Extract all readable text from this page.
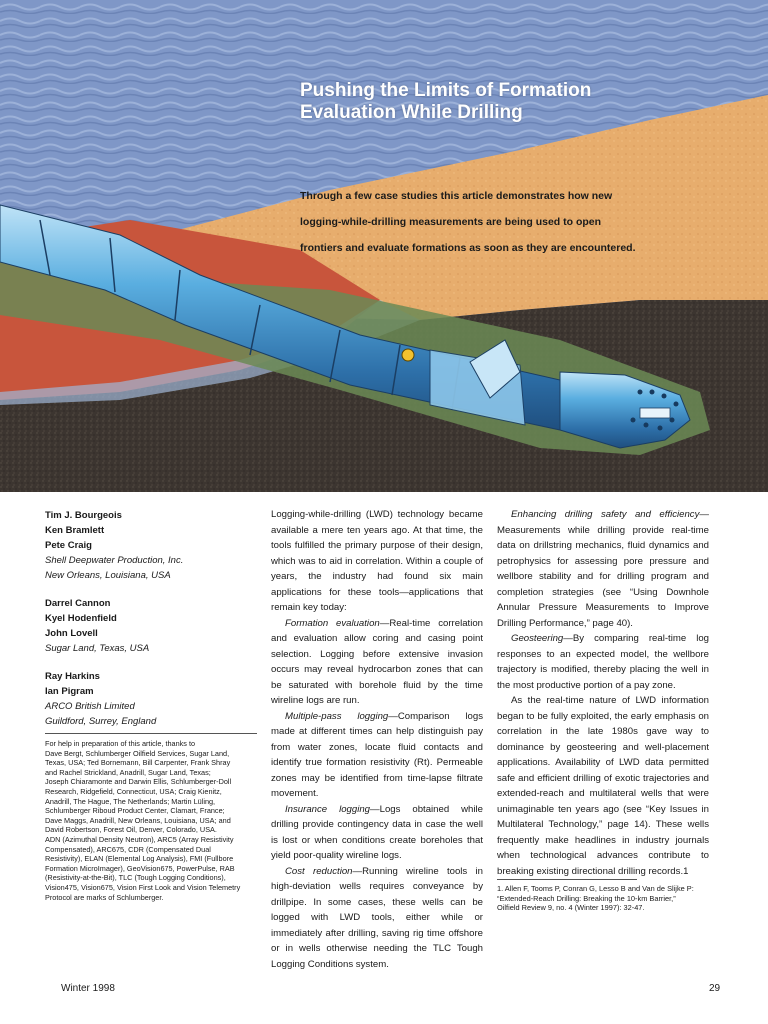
Pushing the Limits of Formation
Evaluation While Drilling
Through a few case studies this article demonstrates how new
logging-while-drilling measurements are being used to open
frontiers and evaluate formations as soon as they are encountered.
Tim J. Bourgeois
Ken Bramlett
Pete Craig
Shell Deepwater Production, Inc.
New Orleans, Louisiana, USA
Darrel Cannon
Kyel Hodenfield
John Lovell
Sugar Land, Texas, USA
Ray Harkins
Ian Pigram
ARCO British Limited
Guildford, Surrey, England
For help in preparation of this article, thanks to
Dave Bergt, Schlumberger Oilfield Services, Sugar Land,
Texas, USA; Ted Bornemann, Bill Carpenter, Frank Shray
and Rachel Strickland, Anadrill, Sugar Land, Texas;
Joseph Chiaramonte and Darwin Ellis, Schlumberger-Doll
Research, Ridgefield, Connecticut, USA; Craig Kienitz,
Anadrill, The Hague, The Netherlands; Martin Lüling,
Schlumberger Riboud Product Center, Clamart, France;
Dave Maggs, Anadrill, New Orleans, Louisiana, USA; and
David Robertson, Forest Oil, Denver, Colorado, USA.
ADN (Azimuthal Density Neutron), ARC5 (Array Resistivity
Compensated), ARC675, CDR (Compensated Dual
Resistivity), ELAN (Elemental Log Analysis), FMI (Fullbore
Formation MicroImager), GeoVision675, PowerPulse, RAB
(Resistivity-at-the-Bit), TLC (Tough Logging Conditions),
Vision475, Vision675, Vision First Look and Vision Telemetry
Protocol are marks of Schlumberger.

Logging-while-drilling (LWD) technology became available a mere ten years ago. At that time, the tools fulfilled the primary purpose of their design, which was to aid in correlation. Within a couple of years, the industry had found six main applications for these tools—applications that remain key today:

Formation evaluation—Real-time correlation and evaluation allow coring and casing point selection. Logging before extensive invasion occurs may reveal hydrocarbon zones that can be saturated with borehole fluid by the time wireline logs are run.

Multiple-pass logging—Comparison logs made at different times can help distinguish pay from water zones, locate fluid contacts and identify true formation resistivity (Rt). Permeable zones may be identified from time-lapse filtrate movement.

Insurance logging—Logs obtained while drilling provide contingency data in case the well is lost or when conditions create boreholes that yield poor-quality wireline logs.

Cost reduction—Running wireline tools in high-deviation wells requires conveyance by drillpipe. In some cases, these wells can be logged with LWD tools, either while or immediately after drilling, saving rig time offshore or in wells otherwise needing the TLC Tough Logging Conditions system.

Enhancing drilling safety and efficiency—Measurements while drilling provide real-time data on drillstring mechanics, fluid dynamics and petrophysics for assessing pore pressure and wellbore stability and for drilling program and completion strategies (see “Using Downhole Annular Pressure Measurements to Improve Drilling Performance,” page 40).

Geosteering—By comparing real-time log responses to an expected model, the wellbore trajectory is modified, thereby placing the well in the most productive portion of a pay zone.

As the real-time nature of LWD information began to be fully exploited, the early emphasis on correlation in the late 1980s gave way to dominance by geosteering and well-placement applications. Availability of LWD data permitted safe and efficient drilling of exotic trajectories and extended-reach and multilateral wells that were unimaginable ten years ago (see “Key Issues in Multilateral Technology,” page 14). These wells frequently make headlines in industry journals when technological advances contribute to breaking existing directional drilling records.1

1. Allen F, Tooms P, Conran G, Lesso B and Van de Slijke P:
“Extended-Reach Drilling: Breaking the 10-km Barrier,”
Oilfield Review 9, no. 4 (Winter 1997): 32-47.
Winter 1998	29
